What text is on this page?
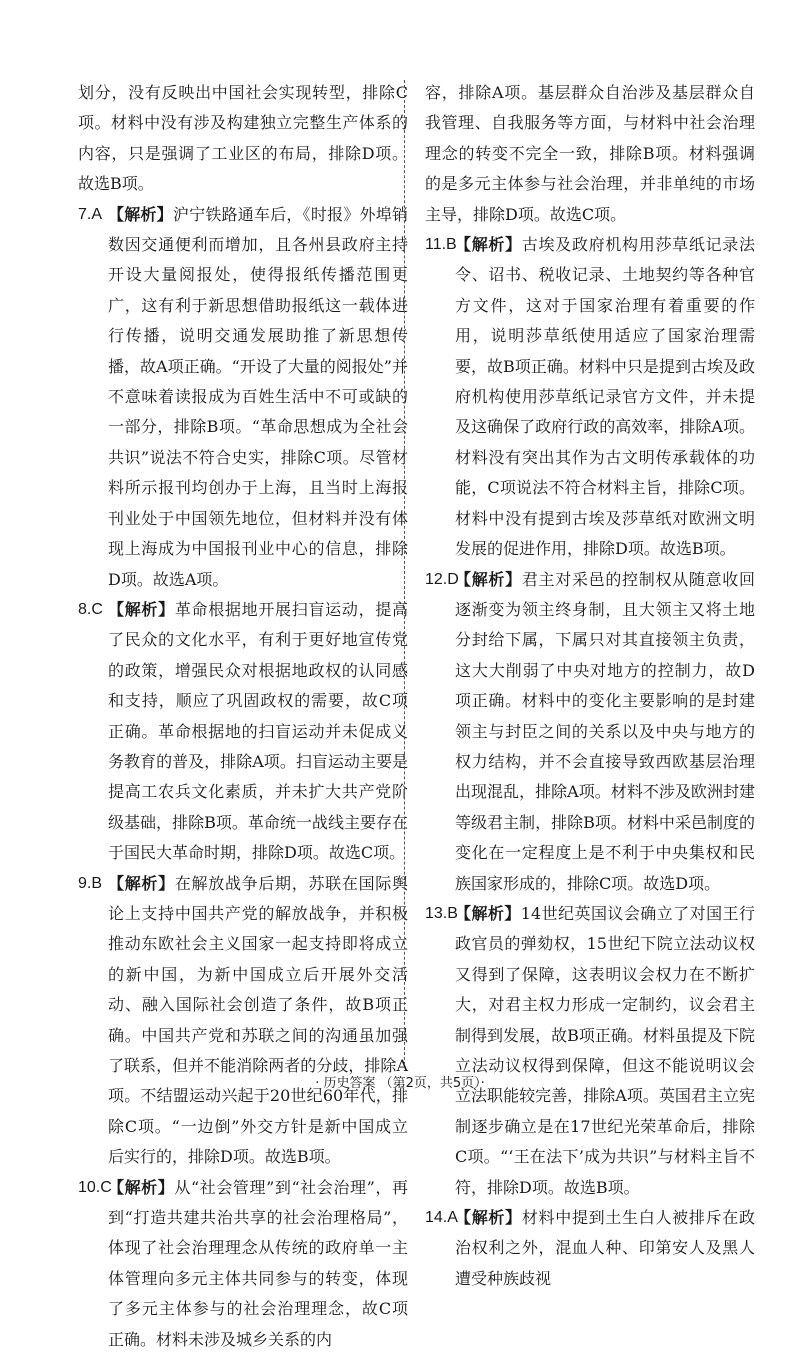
划分，没有反映出中国社会实现转型，排除C项。材料中没有涉及构建独立完整生产体系的内容，只是强调了工业区的布局，排除D项。故选B项。
7.A 【解析】沪宁铁路通车后，《时报》外埠销数因交通便利而增加，且各州县政府主持开设大量阅报处，使得报纸传播范围更广，这有利于新思想借助报纸这一载体进行传播，说明交通发展助推了新思想传播，故A项正确。“开设了大量的阅报处”并不意味着读报成为百姓生活中不可或缺的一部分，排除B项。“革命思想成为全社会共识”说法不符合史实，排除C项。尽管材料所示报刊均创办于上海，且当时上海报刊业处于中国领先地位，但材料并没有体现上海成为中国报刊业中心的信息，排除D项。故选A项。
8.C 【解析】革命根据地开展扫盲运动，提高了民众的文化水平，有利于更好地宣传党的政策，增强民众对根据地政权的认同感和支持，顺应了巩固政权的需要，故C项正确。革命根据地的扫盲运动并未促成义务教育的普及，排除A项。扫盲运动主要是提高工农兵文化素质，并未扩大共产党阶级基础，排除B项。革命统一战线主要存在于国民大革命时期，排除D项。故选C项。
9.B 【解析】在解放战争后期，苏联在国际舆论上支持中国共产党的解放战争，并积极推动东欧社会主义国家一起支持即将成立的新中国，为新中国成立后开展外交活动、融入国际社会创造了条件，故B项正确。中国共产党和苏联之间的沟通虽加强了联系，但并不能消除两者的分歧，排除A项。不结盟运动兴起于20世纪60年代，排除C项。“一边倒”外交方针是新中国成立后实行的，排除D项。故选B项。
10.C
【解析】从“社会管理”到“社会治理”，再到“打造共建共治共享的社会治理格局”，体现了社会治理理念从传统的政府单一主体管理向多元主体共同参与的转变，体现了多元主体参与的社会治理理念，故C项正确。材料未涉及城乡关系的内
容，排除A项。基层群众自治涉及基层群众自我管理、自我服务等方面，与材料中社会治理理念的转变不完全一致，排除B项。材料强调的是多元主体参与社会治理，并非单纯的市场主导，排除D项。故选C项。
11.B
【解析】古埃及政府机构用莎草纸记录法令、诏书、税收记录、土地契约等各种官方文件，这对于国家治理有着重要的作用，说明莎草纸使用适应了国家治理需要，故B项正确。材料中只是提到古埃及政府机构使用莎草纸记录官方文件，并未提及这确保了政府行政的高效率，排除A项。材料没有突出其作为古文明传承载体的功能，C项说法不符合材料主旨，排除C项。材料中没有提到古埃及莎草纸对欧洲文明发展的促进作用，排除D项。故选B项。
12.D
【解析】君主对采邑的控制权从随意收回逐渐变为领主终身制，且大领主又将土地分封给下属，下属只对其直接领主负责，这大大削弱了中央对地方的控制力，故D项正确。材料中的变化主要影响的是封建领主与封臣之间的关系以及中央与地方的权力结构，并不会直接导致西欧基层治理出现混乱，排除A项。材料不涉及欧洲封建等级君主制，排除B项。材料中采邑制度的变化在一定程度上是不利于中央集权和民族国家形成的，排除C项。故选D项。
13.B
【解析】14世纪英国议会确立了对国王行政官员的弹劾权，15世纪下院立法动议权又得到了保障，这表明议会权力在不断扩大，对君主权力形成一定制约，议会君主制得到发展，故B项正确。材料虽提及下院立法动议权得到保障，但这不能说明议会立法职能较完善，排除A项。英国君主立宪制逐步确立是在17世纪光荣革命后，排除C项。“‘王在法下’成为共识”与材料主旨不符，排除D项。故选B项。
14.A
【解析】材料中提到土生白人被排斥在政治权利之外，混血人种、印第安人及黑人遭受种族歧视
· 历史答案 （第2页，共5页）·
